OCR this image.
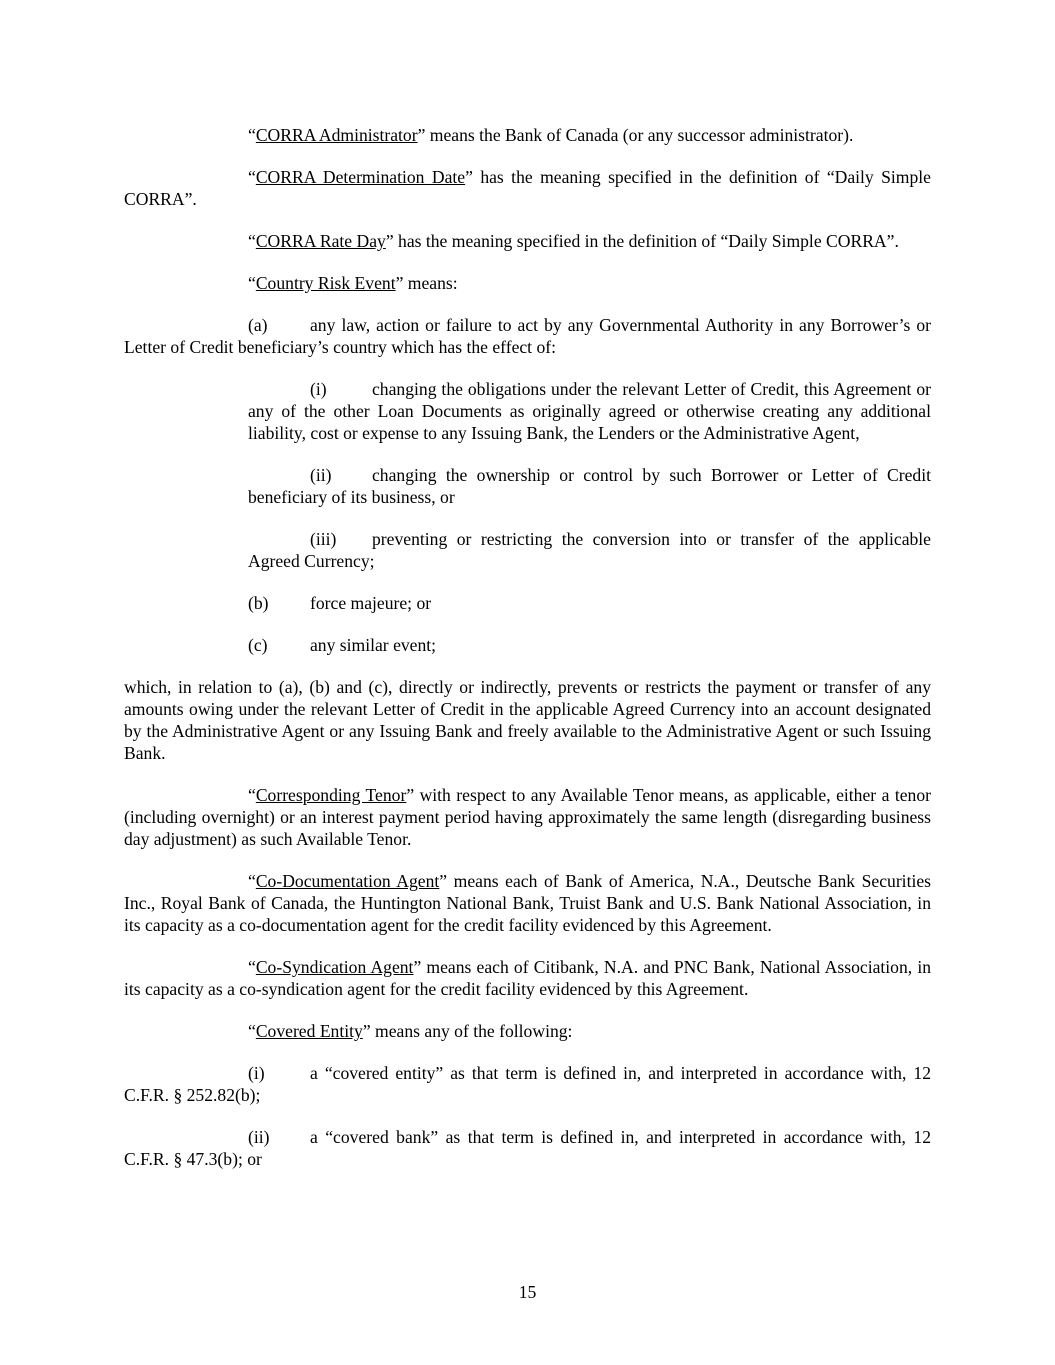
“CORRA Administrator” means the Bank of Canada (or any successor administrator).

“CORRA Determination Date” has the meaning specified in the definition of “Daily Simple CORRA”.

“CORRA Rate Day” has the meaning specified in the definition of “Daily Simple CORRA”.

“Country Risk Event” means:

(a) any law, action or failure to act by any Governmental Authority in any Borrower’s or Letter of Credit beneficiary’s country which has the effect of:

(i)	changing the obligations under the relevant Letter of Credit, this Agreement or any of the other Loan Documents as originally agreed or otherwise creating any additional liability, cost or expense to any Issuing Bank, the Lenders or the Administrative Agent,

(ii) changing the ownership or control by such Borrower or Letter of Credit beneficiary of its business, or

(iii) preventing or restricting the conversion into or transfer of the applicable Agreed Currency;

(b) force majeure; or

(c) any similar event;

which, in relation to (a), (b) and (c), directly or indirectly, prevents or restricts the payment or transfer of any amounts owing under the relevant Letter of Credit in the applicable Agreed Currency into an account designated by the Administrative Agent or any Issuing Bank and freely available to the Administrative Agent or such Issuing Bank.

“Corresponding Tenor” with respect to any Available Tenor means, as applicable, either a tenor (including overnight) or an interest payment period having approximately the same length (disregarding business day adjustment) as such Available Tenor.

“Co-Documentation Agent” means each of Bank of America, N.A., Deutsche Bank Securities Inc., Royal Bank of Canada, the Huntington National Bank, Truist Bank and U.S. Bank National Association, in its capacity as a co-documentation agent for the credit facility evidenced by this Agreement.

“Co-Syndication Agent” means each of Citibank, N.A. and PNC Bank, National Association, in its capacity as a co-syndication agent for the credit facility evidenced by this Agreement.

“Covered Entity” means any of the following:

(i)	a “covered entity” as that term is defined in, and interpreted in accordance with, 12 C.F.R. § 252.82(b);

(ii) a “covered bank” as that term is defined in, and interpreted in accordance with, 12 C.F.R. § 47.3(b); or

15
